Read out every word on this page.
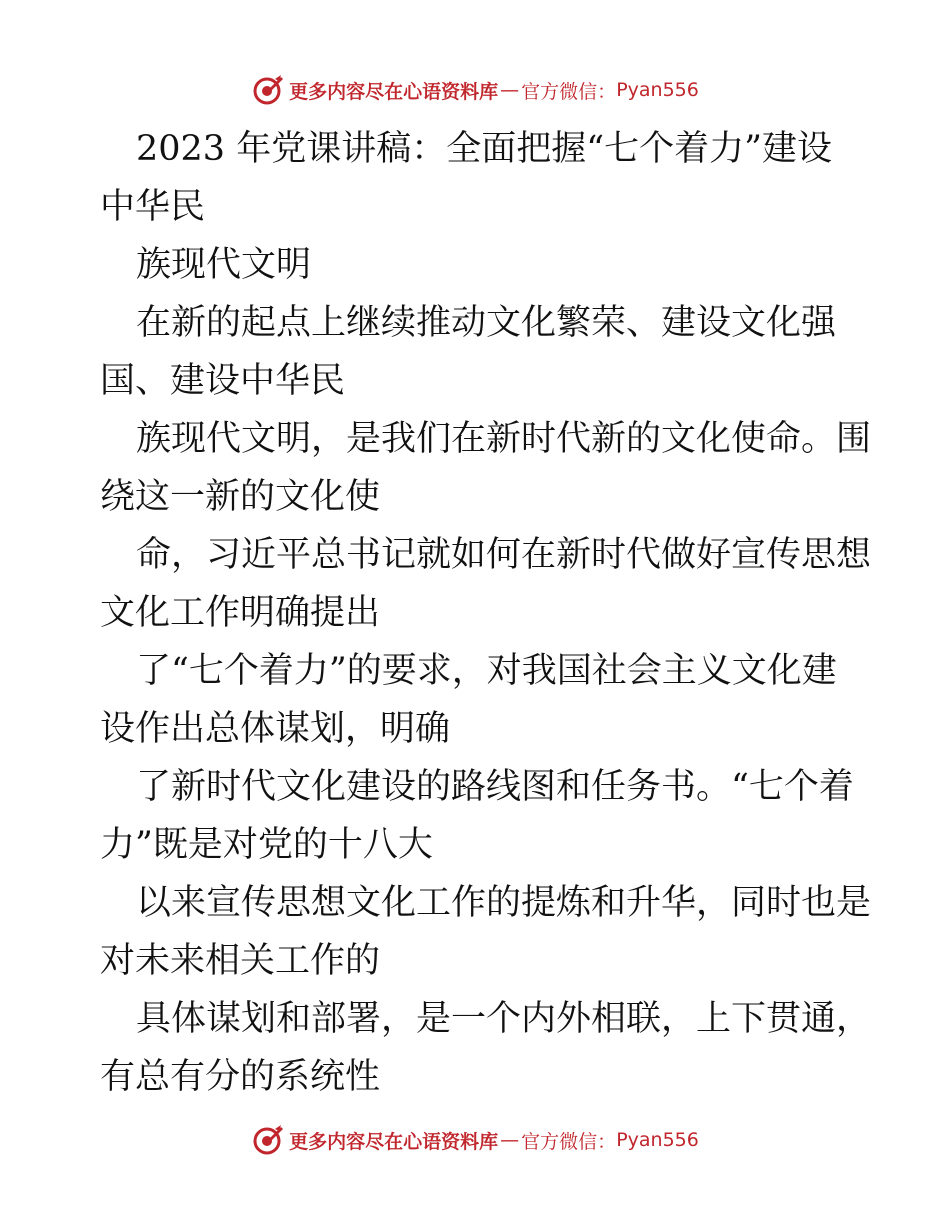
更多内容尽在心语资料库 — 官方微信： Pyan556
2023 年党课讲稿：全面把握“七个着力”建设
中华民
族现代文明
在新的起点上继续推动文化繁荣、建设文化强
国、建设中华民
族现代文明，是我们在新时代新的文化使命。围
绕这一新的文化使
命，习近平总书记就如何在新时代做好宣传思想
文化工作明确提出
了“七个着力”的要求，对我国社会主义文化建
设作出总体谋划，明确
了新时代文化建设的路线图和任务书。“七个着
力”既是对党的十八大
以来宣传思想文化工作的提炼和升华，同时也是
对未来相关工作的
具体谋划和部署，是一个内外相联，上下贯通，
有总有分的系统性
更多内容尽在心语资料库 — 官方微信： Pyan556
